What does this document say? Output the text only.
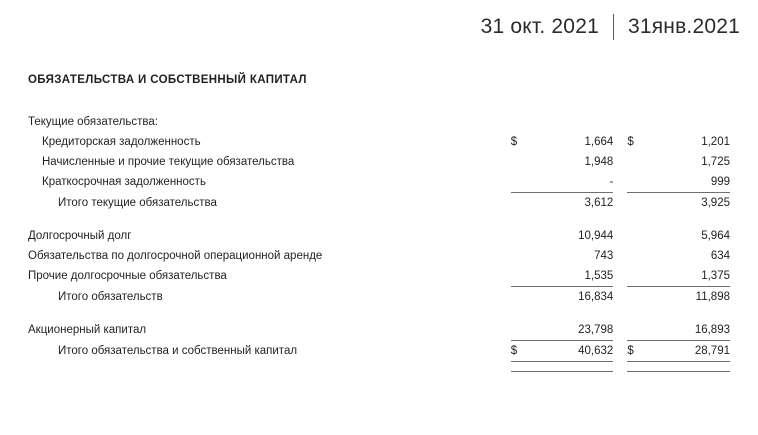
31 окт. 2021 31янв.2021
ОБЯЗАТЕЛЬСТВА И СОБСТВЕННЫЙ КАПИТАЛ
Текущие обязательства:					
Кредиторская задолженность	$	1,664		$	1,201
Начисленные и прочие текущие обязательства		1,948			1,725
Краткосрочная задолженность		-			999
Итого текущие обязательства		3,612			3,925

Долгосрочный долг		10,944			5,964
Обязательства по долгосрочной операционной аренде		743			634
Прочие долгосрочные обязательства		1,535			1,375
Итого обязательств		16,834			11,898

Акционерный капитал		23,798			16,893
Итого обязательства и собственный капитал	$	40,632		$	28,791
